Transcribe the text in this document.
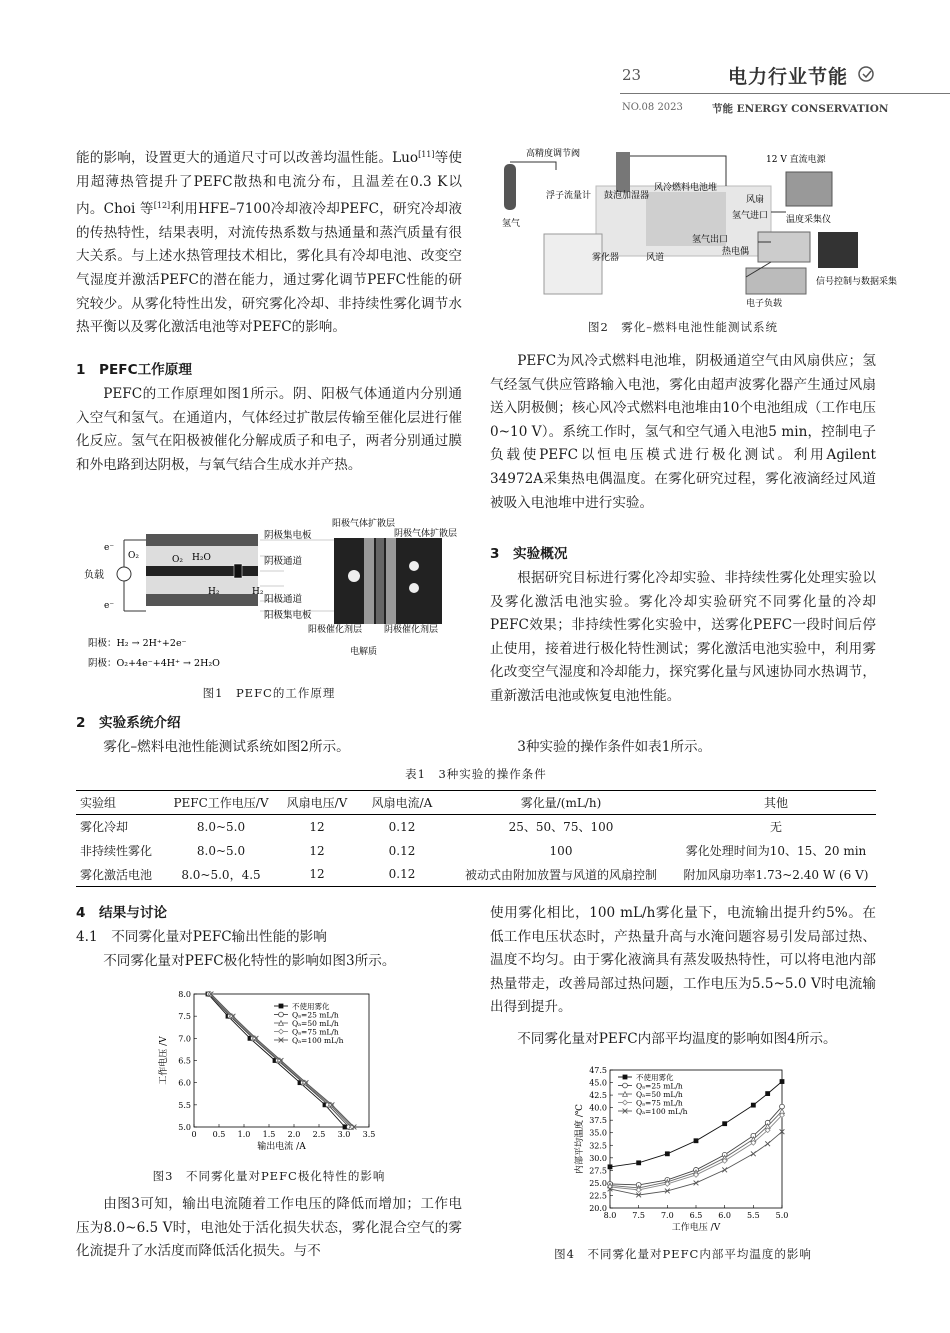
23	电力行业节能
NO.08 2023	节能 ENERGY CONSERVATION
能的影响，设置更大的通道尺寸可以改善均温性能。Luo[11]等使用超薄热管提升了PEFC散热和电流分布，且温差在0.3 K以内。Choi 等[12]利用HFE–7100冷却液冷却PEFC，研究冷却液的传热特性，结果表明，对流传热系数与热通量和蒸汽质量有很大关系。与上述水热管理技术相比，雾化具有冷却电池、改变空气湿度并激活PEFC的潜在能力，通过雾化调节PEFC性能的研究较少。从雾化特性出发，研究雾化冷却、非持续性雾化调节水热平衡以及雾化激活电池等对PEFC的影响。
1　PEFC工作原理
PEFC的工作原理如图1所示。阴、阳极气体通道内分别通入空气和氢气。在通道内，气体经过扩散层传输至催化层进行催化反应。氢气在阳极被催化分解成质子和电子，两者分别通过膜和外电路到达阴极，与氧气结合生成水并产热。
e⁻
e⁻
负载
O₂	O₂ H₂O
H₂	H₂
阴极集电板
阴极通道
阳极通道
阳极集电板
阳极气体扩散层
阴极气体扩散层
阳极催化剂层 阴极催化剂层
电解质
阳极：H₂ → 2H⁺+2e⁻
阴极：O₂+4e⁻+4H⁺ → 2H₂O
图1　PEFC的工作原理
2　实验系统介绍
雾化–燃料电池性能测试系统如图2所示。
高精度调节阀
12 V 直流电源
浮子流量计 鼓泡加湿器
风冷燃料电池堆
氢气
风扇
氢气进口 温度采集仪
氢气出口
雾化器	风道
热电偶
信号控制与数据采集
电子负载
图2　雾化–燃料电池性能测试系统
PEFC为风冷式燃料电池堆，阴极通道空气由风扇供应；氢气经氢气供应管路输入电池，雾化由超声波雾化器产生通过风扇送入阴极侧；核心风冷式燃料电池堆由10个电池组成（工作电压0~10 V）。系统工作时，氢气和空气通入电池5 min，控制电子负载使PEFC以恒电压模式进行极化测试。利用Agilent 34972A采集热电偶温度。在雾化研究过程，雾化液滴经过风道被吸入电池堆中进行实验。
3　实验概况
根据研究目标进行雾化冷却实验、非持续性雾化处理实验以及雾化激活电池实验。雾化冷却实验研究不同雾化量的冷却PEFC效果；非持续性雾化实验中，送雾化PEFC一段时间后停止使用，接着进行极化特性测试；雾化激活电池实验中，利用雾化改变空气湿度和冷却能力，探究雾化量与风速协同水热调节，重新激活电池或恢复电池性能。
3种实验的操作条件如表1所示。
表1　3种实验的操作条件
实验组	PEFC工作电压/V	风扇电压/V	风扇电流/A	雾化量/(mL/h)	其他
雾化冷却	8.0~5.0	12	0.12	25、50、75、100	无
非持续性雾化	8.0~5.0	12	0.12	100	雾化处理时间为10、15、20 min
雾化激活电池	8.0~5.0，4.5	12	0.12	被动式由附加放置与风道的风扇控制	附加风扇功率1.73~2.40 W (6 V)
4　结果与讨论
4.1　不同雾化量对PEFC输出性能的影响
不同雾化量对PEFC极化特性的影响如图3所示。
0 0.5 1.0 1.5 2.0 2.5 3.0 3.5
5.0
5.5
6.0
6.5
7.0
7.5
8.0
输出电流 /A
工作电压 /V
不使用雾化
Qₐ=25 mL/h
Qₐ=50 mL/h
Qₐ=75 mL/h
Qₐ=100 mL/h
图3　不同雾化量对PEFC极化特性的影响
由图3可知，输出电流随着工作电压的降低而增加；工作电压为8.0~6.5 V时，电池处于活化损失状态，雾化混合空气的雾化流提升了水活度而降低活化损失。与不
使用雾化相比，100 mL/h雾化量下，电流输出提升约5%。在低工作电压状态时，产热量升高与水淹问题容易引发局部过热、温度不均匀。由于雾化液滴具有蒸发吸热特性，可以将电池内部热量带走，改善局部过热问题，工作电压为5.5~5.0 V时电流输出得到提升。
不同雾化量对PEFC内部平均温度的影响如图4所示。
8.0 7.5 7.0 6.5 6.0 5.5 5.0
20.0
22.5
25.0
27.5
30.0
32.5
35.0
37.5
40.0
42.5
45.0
47.5
工作电压 /V
内部平均温度 /℃
不使用雾化
Qₐ=25 mL/h
Qₐ=50 mL/h
Qₐ=75 mL/h
Qₐ=100 mL/h
图4　不同雾化量对PEFC内部平均温度的影响
